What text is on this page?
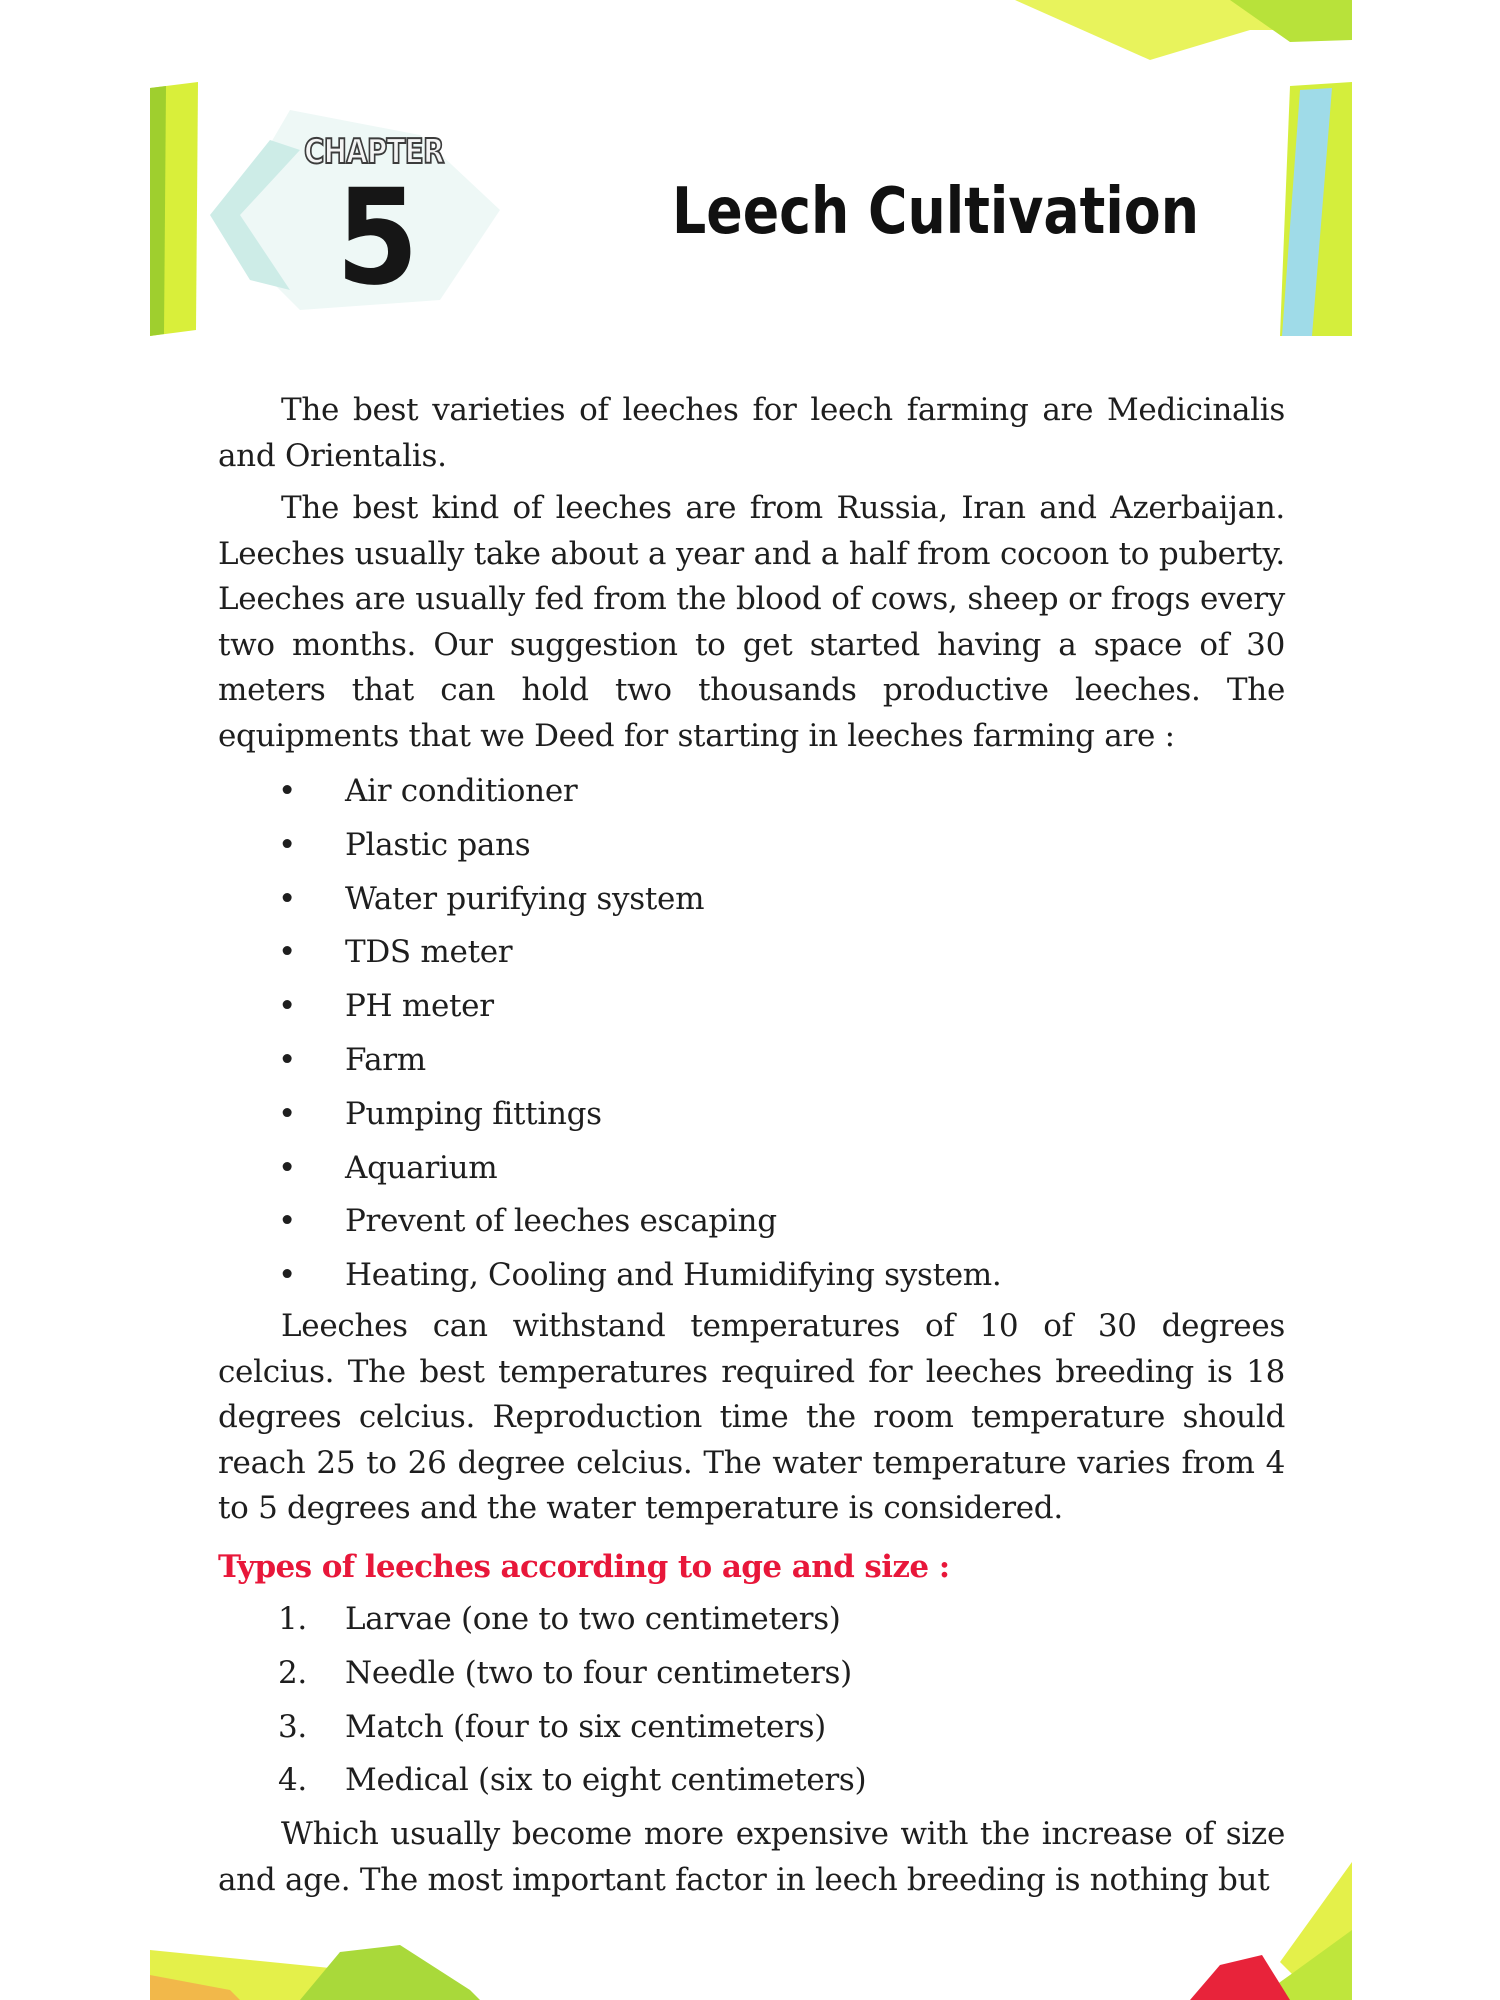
CHAPTER
5	Leech Cultivation

The best varieties of leeches for leech farming are Medicinalis and Orientalis.

The best kind of leeches are from Russia, Iran and Azerbaijan. Leeches usually take about a year and a half from cocoon to puberty. Leeches are usually fed from the blood of cows, sheep or frogs every two months. Our suggestion to get started having a space of 30 meters that can hold two thousands productive leeches. The equipments that we Deed for starting in leeches farming are :

•	Air conditioner
•	Plastic pans
•	Water purifying system
•	TDS meter
•	PH meter
•	Farm
•	Pumping fittings
•	Aquarium
•	Prevent of leeches escaping
•	Heating, Cooling and Humidifying system.

Leeches can withstand temperatures of 10 of 30 degrees celcius. The best temperatures required for leeches breeding is 18 degrees celcius. Reproduction time the room temperature should reach 25 to 26 degree celcius. The water temperature varies from 4 to 5 degrees and the water temperature is considered.

Types of leeches according to age and size :
1.	Larvae (one to two centimeters)
2.	Needle (two to four centimeters)
3.	Match (four to six centimeters)
4.	Medical (six to eight centimeters)

Which usually become more expensive with the increase of size and age. The most important factor in leech breeding is nothing but
